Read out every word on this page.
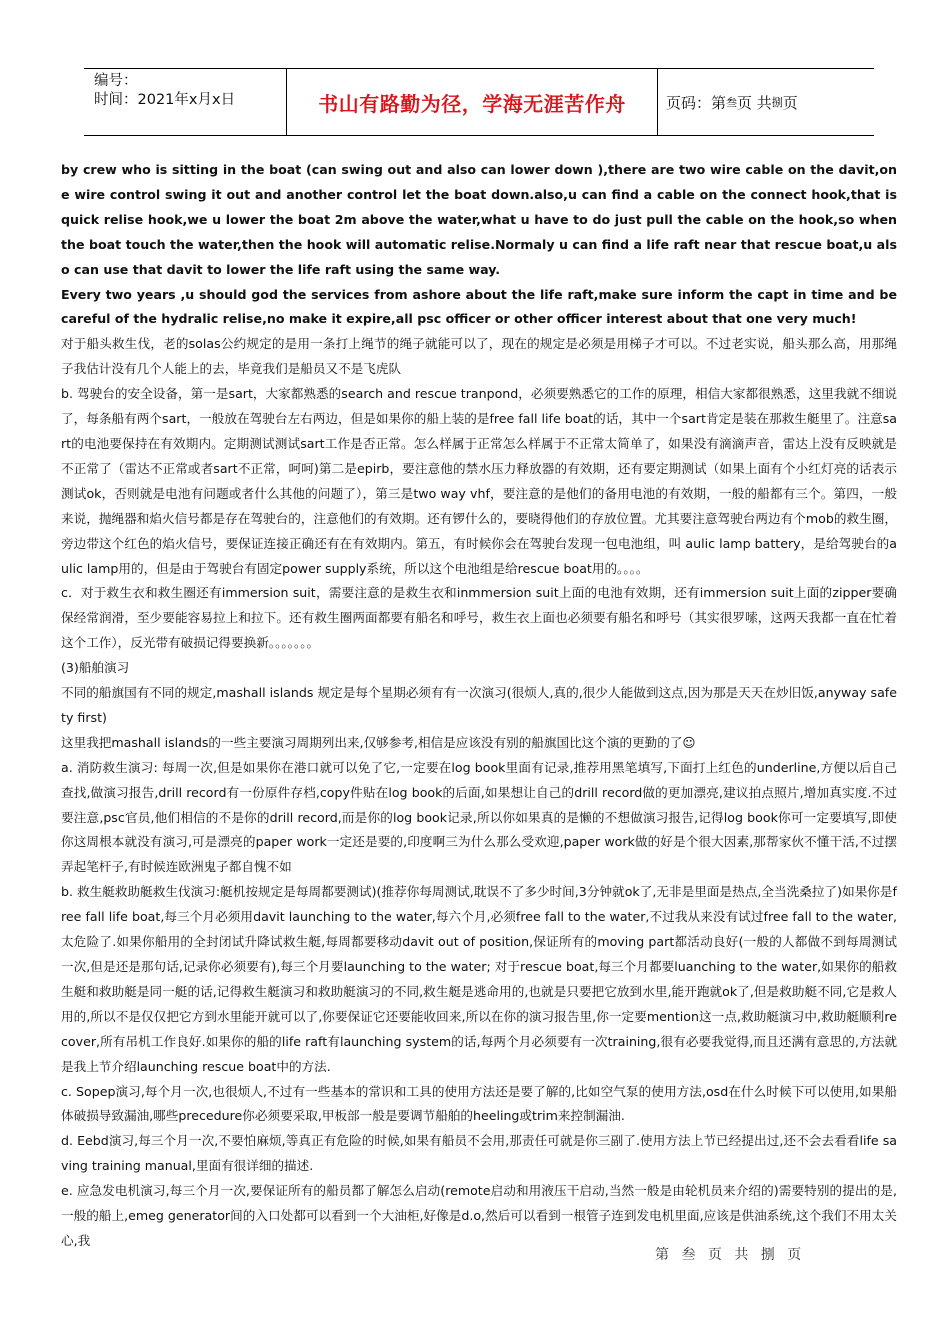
编号：
时间：2021年x月x日	书山有路勤为径，学海无涯苦作舟	页码：第 叁 页 共 捌 页

by crew who is sitting in the boat (can swing out and also can lower down ),there are two wire cable on the davit,one wire control swing it out and another control let the boat down.also,u can find a cable on the connect hook,that is quick relise hook,we u lower the boat 2m above the water,what u have to do just pull the cable on the hook,so when the boat touch the water,then the hook will automatic relise.Normaly u can find a life raft near that rescue boat,u also can use that davit to lower the life raft using the same way.

Every two years ,u should god the services from ashore about the life raft,make sure inform the capt in time and be careful of the hydralic relise,no make it expire,all psc officer or other officer interest about that one very much!

对于船头救生伐，老的solas公约规定的是用一条打上绳节的绳子就能可以了，现在的规定是必须是用梯子才可以。不过老实说，船头那么高，用那绳子我估计没有几个人能上的去，毕竟我们是船员又不是飞虎队

b. 驾驶台的安全设备，第一是sart，大家都熟悉的search and rescue tranpond，必须要熟悉它的工作的原理，相信大家都很熟悉，这里我就不细说了，每条船有两个sart，一般放在驾驶台左右两边，但是如果你的船上装的是free fall life boat的话，其中一个sart肯定是装在那救生艇里了。注意sart的电池要保持在有效期内。定期测试测试sart工作是否正常。怎么样属于正常怎么样属于不正常太简单了，如果没有滴滴声音，雷达上没有反映就是不正常了（雷达不正常或者sart不正常，呵呵)第二是epirb，要注意他的禁水压力释放器的有效期，还有要定期测试（如果上面有个小红灯亮的话表示测试ok，否则就是电池有问题或者什么其他的问题了），第三是two way vhf，要注意的是他们的备用电池的有效期，一般的船都有三个。第四，一般来说，抛绳器和焰火信号都是存在驾驶台的，注意他们的有效期。还有锣什么的，要晓得他们的存放位置。尤其要注意驾驶台两边有个mob的救生圈，旁边带这个红色的焰火信号，要保证连接正确还有在有效期内。第五，有时候你会在驾驶台发现一包电池组，叫 aulic lamp battery，是给驾驶台的aulic lamp用的，但是由于驾驶台有固定power supply系统，所以这个电池组是给rescue boat用的。。。。

c．对于救生衣和救生圈还有immersion suit，需要注意的是救生衣和inmmersion suit上面的电池有效期，还有immersion suit上面的zipper要确保经常润滑，至少要能容易拉上和拉下。还有救生圈两面都要有船名和呼号，救生衣上面也必须要有船名和呼号（其实很罗嗦，这两天我都一直在忙着这个工作），反光带有破损记得要换新。。。。。。。

(3)船舶演习

不同的船旗国有不同的规定,mashall islands 规定是每个星期必须有有一次演习(很烦人,真的,很少人能做到这点,因为那是天天在炒旧饭,anyway safety first)

这里我把mashall islands的一些主要演习周期列出来,仅够参考,相信是应该没有别的船旗国比这个演的更勤的了☺

a. 消防救生演习: 每周一次,但是如果你在港口就可以免了它,一定要在log book里面有记录,推荐用黑笔填写,下面打上红色的underline,方便以后自己查找,做演习报告,drill record有一份原件存档,copy件贴在log book的后面,如果想让自己的drill record做的更加漂亮,建议拍点照片,增加真实度.不过要注意,psc官员,他们相信的不是你的drill record,而是你的log book记录,所以你如果真的是懒的不想做演习报告,记得log book你可一定要填写,即使你这周根本就没有演习,可是漂亮的paper work一定还是要的,印度啊三为什么那么受欢迎,paper work做的好是个很大因素,那帮家伙不懂干活,不过摆弄起笔杆子,有时候连欧洲鬼子都自愧不如

b. 救生艇救助艇救生伐演习:艇机按规定是每周都要测试)(推荐你每周测试,耽误不了多少时间,3分钟就ok了,无非是里面是热点,全当洗桑拉了)如果你是free fall life boat,每三个月必须用davit launching to the water,每六个月,必须free fall to the water,不过我从来没有试过free fall to the water,太危险了.如果你船用的全封闭试升降试救生艇,每周都要移动davit out of position,保证所有的moving part都活动良好(一般的人都做不到每周测试一次,但是还是那句话,记录你必须要有),每三个月要launching to the water; 对于rescue boat,每三个月都要luanching to the water,如果你的船救生艇和救助艇是同一艇的话,记得救生艇演习和救助艇演习的不同,救生艇是逃命用的,也就是只要把它放到水里,能开跑就ok了,但是救助艇不同,它是救人用的,所以不是仅仅把它方到水里能开就可以了,你要保证它还要能收回来,所以在你的演习报告里,你一定要mention这一点,救助艇演习中,救助艇顺利recover,所有吊机工作良好.如果你的船的life raft有launching system的话,每两个月必须要有一次training,很有必要我觉得,而且还满有意思的,方法就是我上节介绍launching rescue boat中的方法.

c. Sopep演习,每个月一次,也很烦人,不过有一些基本的常识和工具的使用方法还是要了解的,比如空气泵的使用方法,osd在什么时候下可以使用,如果船体破损导致漏油,哪些precedure你必须要采取,甲板部一般是要调节船舶的heeling或trim来控制漏油.

d. Eebd演习,每三个月一次,不要怕麻烦,等真正有危险的时候,如果有船员不会用,那责任可就是你三副了.使用方法上节已经提出过,还不会去看看life saving training manual,里面有很详细的描述.

e. 应急发电机演习,每三个月一次,要保证所有的船员都了解怎么启动(remote启动和用液压干启动,当然一般是由轮机员来介绍的)需要特别的提出的是,一般的船上,emeg generator间的入口处都可以看到一个大油柜,好像是d.o,然后可以看到一根管子连到发电机里面,应该是供油系统,这个我们不用太关心,我

第 叁 页 共 捌 页
